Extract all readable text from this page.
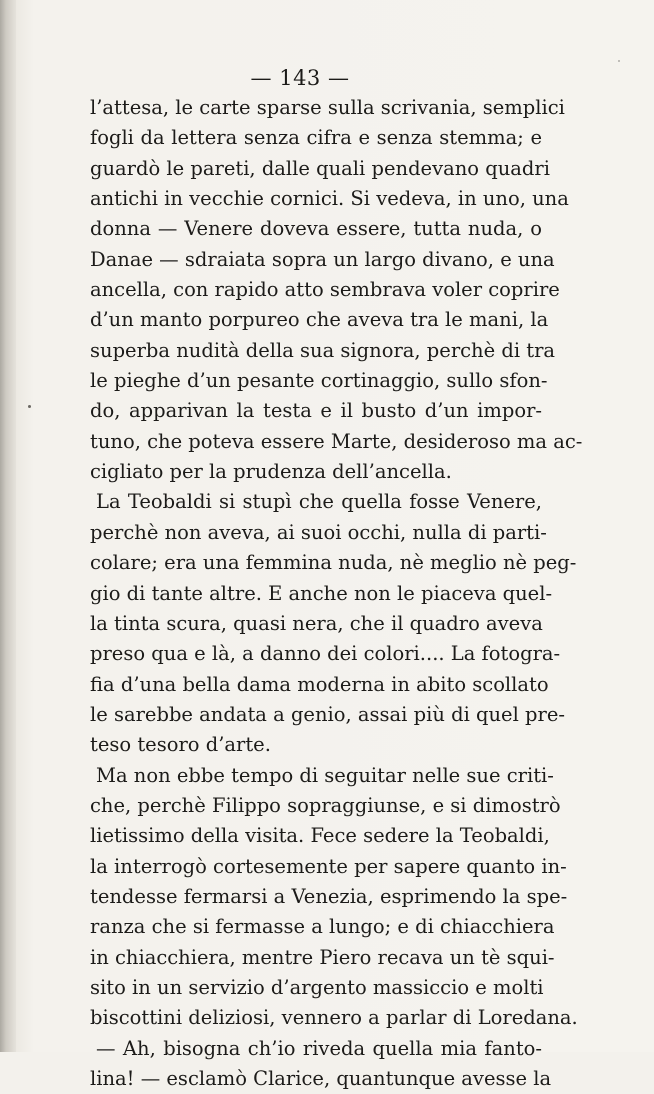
— 143 —
l’attesa, le carte sparse sulla scrivania, semplici
fogli da lettera senza cifra e senza stemma; e
guardò le pareti, dalle quali pendevano quadri
antichi in vecchie cornici. Si vedeva, in uno, una
donna — Venere doveva essere, tutta nuda, o
Danae — sdraiata sopra un largo divano, e una
ancella, con rapido atto sembrava voler coprire
d’un manto porpureo che aveva tra le mani, la
superba nudità della sua signora, perchè di tra
le pieghe d’un pesante cortinaggio, sullo sfon-
do, apparivan la testa e il busto d’un impor-
tuno, che poteva essere Marte, desideroso ma ac-
cigliato per la prudenza dell’ancella.
La Teobaldi si stupì che quella fosse Venere,
perchè non aveva, ai suoi occhi, nulla di parti-
colare; era una femmina nuda, nè meglio nè peg-
gio di tante altre. E anche non le piaceva quel-
la tinta scura, quasi nera, che il quadro aveva
preso qua e là, a danno dei colori.... La fotogra-
fia d’una bella dama moderna in abito scollato
le sarebbe andata a genio, assai più di quel pre-
teso tesoro d’arte.
Ma non ebbe tempo di seguitar nelle sue criti-
che, perchè Filippo sopraggiunse, e si dimostrò
lietissimo della visita. Fece sedere la Teobaldi,
la interrogò cortesemente per sapere quanto in-
tendesse fermarsi a Venezia, esprimendo la spe-
ranza che si fermasse a lungo; e di chiacchiera
in chiacchiera, mentre Piero recava un tè squi-
sito in un servizio d’argento massiccio e molti
biscottini deliziosi, vennero a parlar di Loredana.
— Ah, bisogna ch’io riveda quella mia fanto-
lina! — esclamò Clarice, quantunque avesse la
